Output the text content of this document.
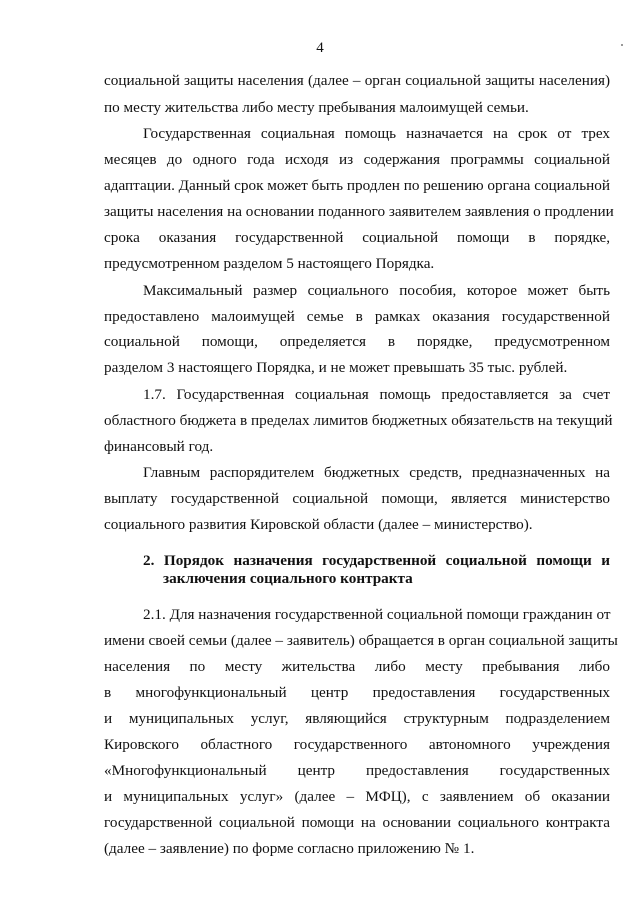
4
социальной защиты населения (далее – орган социальной защиты населения)
по месту жительства либо месту пребывания малоимущей семьи.
Государственная социальная помощь назначается на срок от трех
месяцев до одного года исходя из содержания программы социальной
адаптации. Данный срок может быть продлен по решению органа социальной
защиты населения на основании поданного заявителем заявления о продлении
срока оказания государственной социальной помощи в порядке,
предусмотренном разделом 5 настоящего Порядка.
Максимальный размер социального пособия, которое может быть
предоставлено малоимущей семье в рамках оказания государственной
социальной помощи, определяется в порядке, предусмотренном
разделом 3 настоящего Порядка, и не может превышать 35 тыс. рублей.
1.7. Государственная социальная помощь предоставляется за счет
областного бюджета в пределах лимитов бюджетных обязательств на текущий
финансовый год.
Главным распорядителем бюджетных средств, предназначенных на
выплату государственной социальной помощи, является министерство
социального развития Кировской области (далее – министерство).
2. Порядок назначения государственной социальной помощи и
заключения социального контракта
2.1. Для назначения государственной социальной помощи гражданин от
имени своей семьи (далее – заявитель) обращается в орган социальной защиты
населения по месту жительства либо месту пребывания либо
в многофункциональный центр предоставления государственных
и муниципальных услуг, являющийся структурным подразделением
Кировского областного государственного автономного учреждения
«Многофункциональный центр предоставления государственных
и муниципальных услуг» (далее – МФЦ), с заявлением об оказании
государственной социальной помощи на основании социального контракта
(далее – заявление) по форме согласно приложению № 1.
